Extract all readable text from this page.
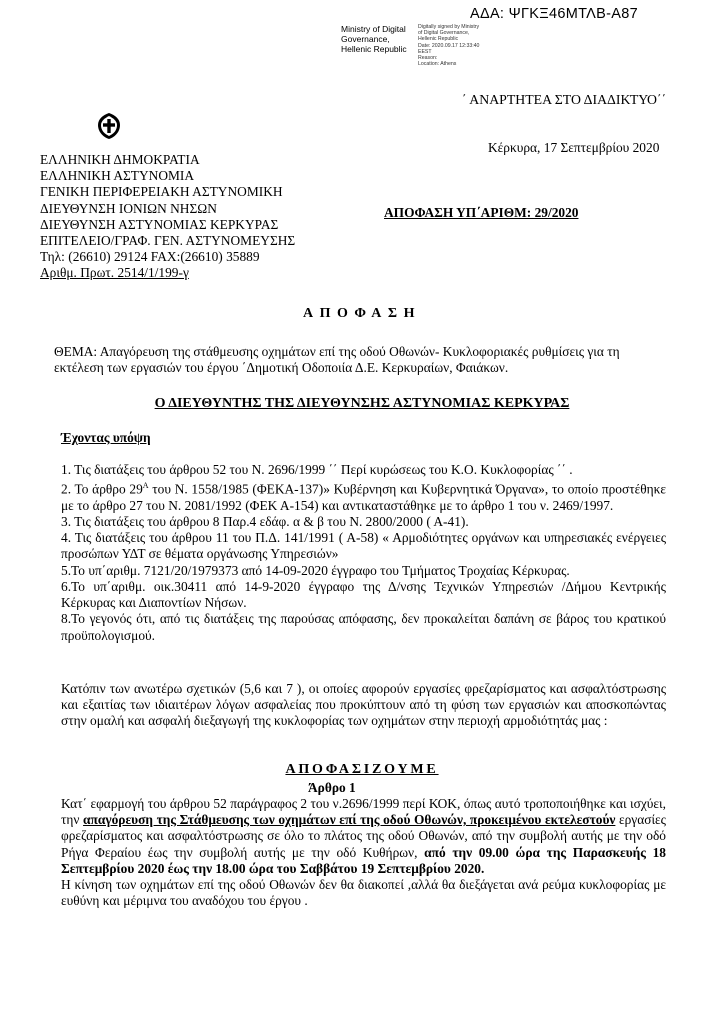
ΑΔΑ: ΨΓΚΞ46ΜΤΛΒ-Α87
Ministry of Digital
Governance,
Hellenic Republic
Digitally signed by Ministry
of Digital Governance,
Hellenic Republic
Date: 2020.09.17 12:33:40
EEST
Reason:
Location: Athens
΄ ΑΝΑΡΤΗΤΕΑ ΣΤΟ ΔΙΑΔΙΚΤΥΟ΄΄
Κέρκυρα, 17 Σεπτεμβρίου 2020
ΕΛΛΗΝΙΚΗ ΔΗΜΟΚΡΑΤΙΑ
ΕΛΛΗΝΙΚΗ ΑΣΤΥΝΟΜΙΑ
ΓΕΝΙΚΗ ΠΕΡΙΦΕΡΕΙΑΚΗ ΑΣΤΥΝΟΜΙΚΗ
ΔΙΕΥΘΥΝΣΗ ΙΟΝΙΩΝ ΝΗΣΩΝ
ΔΙΕΥΘΥΝΣΗ ΑΣΤΥΝΟΜΙΑΣ ΚΕΡΚΥΡΑΣ
ΕΠΙΤΕΛΕΙΟ/ΓΡΑΦ. ΓΕΝ. ΑΣΤΥΝΟΜΕΥΣΗΣ
Τηλ: (26610) 29124 FAX:(26610) 35889
Αριθμ. Πρωτ. 2514/1/199-γ
ΑΠΟΦΑΣΗ ΥΠ΄ΑΡΙΘΜ: 29/2020
ΑΠΟΦΑΣΗ
ΘΕΜΑ: Απαγόρευση της στάθμευσης οχημάτων επί της οδού Οθωνών- Κυκλοφοριακές ρυθμίσεις για τη εκτέλεση των εργασιών του έργου ΄Δημοτική Οδοποιία Δ.Ε. Κερκυραίων, Φαιάκων.
Ο ΔΙΕΥΘΥΝΤΗΣ ΤΗΣ ΔΙΕΥΘΥΝΣΗΣ ΑΣΤΥΝΟΜΙΑΣ ΚΕΡΚΥΡΑΣ
Έχοντας υπόψη

1. Τις διατάξεις του άρθρου 52 του Ν. 2696/1999 ΄΄ Περί κυρώσεως του Κ.Ο. Κυκλοφορίας ΄΄ .

2. Το άρθρο $29^A$ του Ν. 1558/1985 (ΦΕΚΑ-137)» Κυβέρνηση και Κυβερνητικά Όργανα», το οποίο προστέθηκε με το άρθρο 27 του Ν. 2081/1992 (ΦΕΚ Α-154) και αντικαταστάθηκε με το άρθρο 1 του ν. 2469/1997.

3. Τις διατάξεις του άρθρου 8 Παρ.4 εδάφ. α & β του Ν. 2800/2000 ( Α-41).

4. Τις διατάξεις του άρθρου 11 του Π.Δ. 141/1991 ( Α-58) « Αρμοδιότητες οργάνων και υπηρεσιακές ενέργειες προσώπων ΥΔΤ σε θέματα οργάνωσης Υπηρεσιών»

5.Το υπ΄αριθμ. 7121/20/1979373 από 14-09-2020 έγγραφο του Τμήματος Τροχαίας Κέρκυρας.

6.Το υπ΄αριθμ. οικ.30411 από 14-9-2020 έγγραφο της Δ/νσης Τεχνικών Υπηρεσιών /Δήμου Κεντρικής Κέρκυρας και Διαποντίων Νήσων.

8.Το γεγονός ότι, από τις διατάξεις της παρούσας απόφασης, δεν προκαλείται δαπάνη σε βάρος του κρατικού προϋπολογισμού.

Κατόπιν των ανωτέρω σχετικών (5,6 και 7 ), οι οποίες αφορούν εργασίες φρεζαρίσματος και ασφαλτόστρωσης και εξαιτίας των ιδιαιτέρων λόγων ασφαλείας που προκύπτουν από τη φύση των εργασιών και αποσκοπώντας στην ομαλή και ασφαλή διεξαγωγή της κυκλοφορίας των οχημάτων στην περιοχή αρμοδιότητάς μας :
ΑΠΟΦΑΣΙΖΟΥΜΕ
Άρθρο 1

Κατ΄ εφαρμογή του άρθρου 52 παράγραφος 2 του ν.2696/1999 περί ΚΟΚ, όπως αυτό τροποποιήθηκε και ισχύει, την απαγόρευση της Στάθμευσης των οχημάτων επί της οδού Οθωνών, προκειμένου εκτελεστούν εργασίες φρεζαρίσματος και ασφαλτόστρωσης σε όλο το πλάτος της οδού Οθωνών, από την συμβολή αυτής με την οδό Ρήγα Φεραίου έως την συμβολή αυτής με την οδό Κυθήρων, από την 09.00 ώρα της Παρασκευής 18 Σεπτεμβρίου 2020 έως την 18.00 ώρα του Σαββάτου 19 Σεπτεμβρίου 2020.

Η κίνηση των οχημάτων επί της οδού Οθωνών δεν θα διακοπεί ,αλλά θα διεξάγεται ανά ρεύμα κυκλοφορίας με ευθύνη και μέριμνα του αναδόχου του έργου .
